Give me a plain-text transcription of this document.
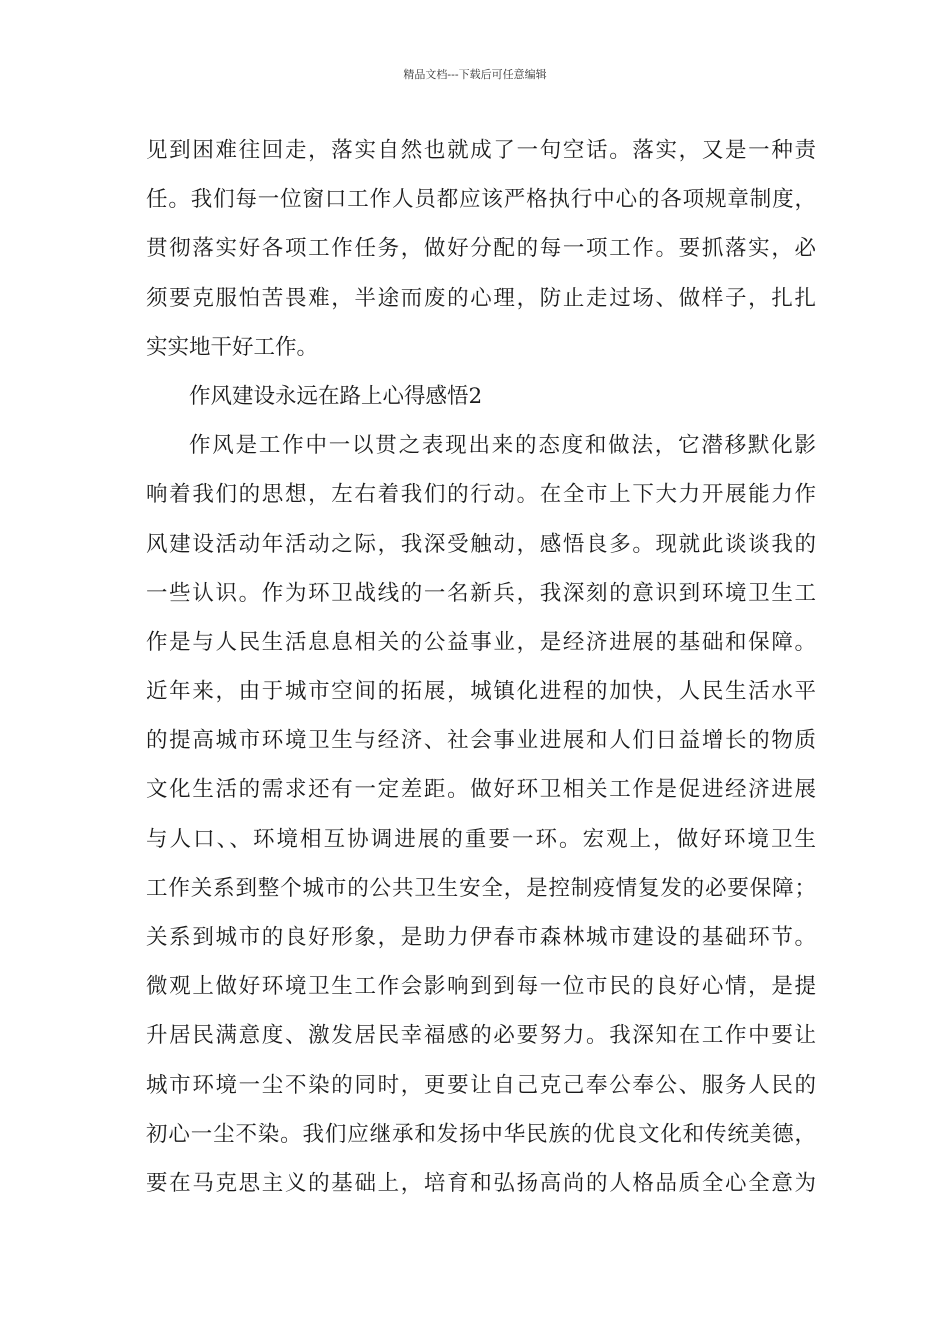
精品文档---下载后可任意编辑
见到困难往回走，落实自然也就成了一句空话。落实，又是一种责
任。我们每一位窗口工作人员都应该严格执行中心的各项规章制度，
贯彻落实好各项工作任务，做好分配的每一项工作。要抓落实，必
须要克服怕苦畏难，半途而废的心理，防止走过场、做样子，扎扎
实实地干好工作。
作风建设永远在路上心得感悟2
作风是工作中一以贯之表现出来的态度和做法，它潜移默化影
响着我们的思想，左右着我们的行动。在全市上下大力开展能力作
风建设活动年活动之际，我深受触动，感悟良多。现就此谈谈我的
一些认识。作为环卫战线的一名新兵，我深刻的意识到环境卫生工
作是与人民生活息息相关的公益事业，是经济进展的基础和保障。
近年来，由于城市空间的拓展，城镇化进程的加快，人民生活水平
的提高城市环境卫生与经济、社会事业进展和人们日益增长的物质
文化生活的需求还有一定差距。做好环卫相关工作是促进经济进展
与人口、、环境相互协调进展的重要一环。宏观上，做好环境卫生
工作关系到整个城市的公共卫生安全，是控制疫情复发的必要保障；
关系到城市的良好形象，是助力伊春市森林城市建设的基础环节。
微观上做好环境卫生工作会影响到到每一位市民的良好心情，是提
升居民满意度、激发居民幸福感的必要努力。我深知在工作中要让
城市环境一尘不染的同时，更要让自己克己奉公奉公、服务人民的
初心一尘不染。我们应继承和发扬中华民族的优良文化和传统美德，
要在马克思主义的基础上，培育和弘扬高尚的人格品质全心全意为
